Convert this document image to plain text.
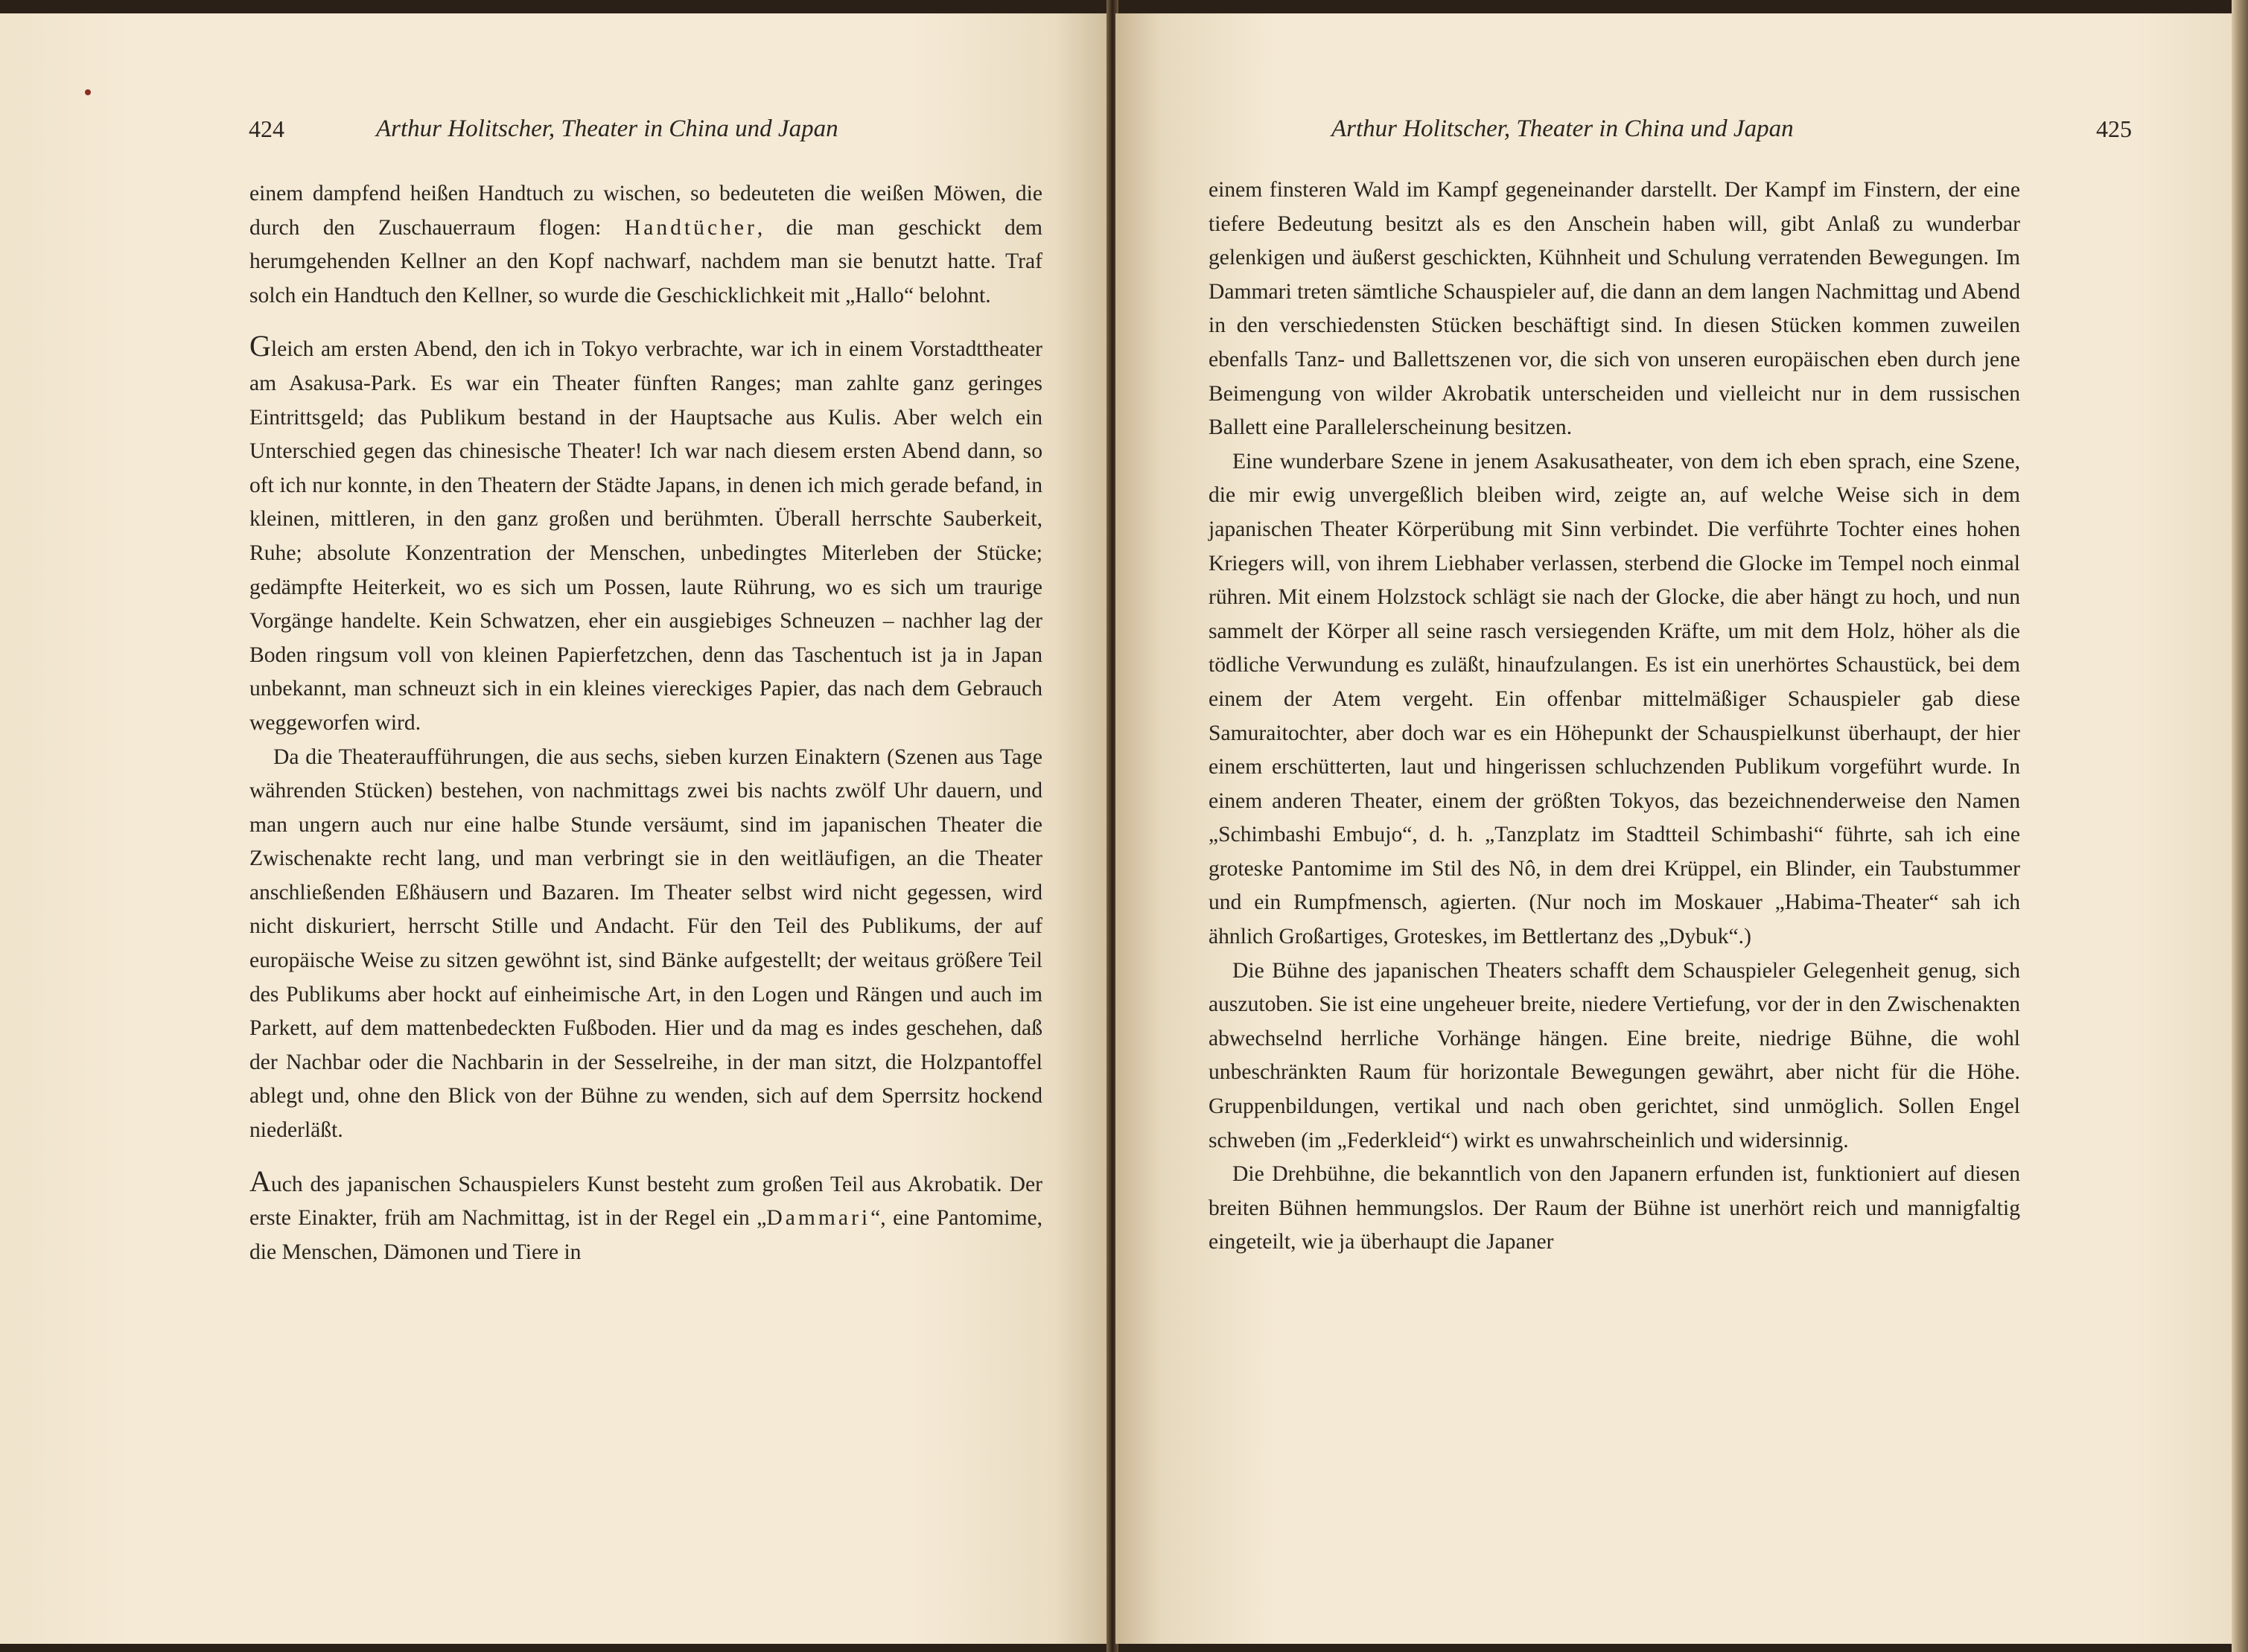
424	Arthur Holitscher, Theater in China und Japan

einem dampfend heißen Handtuch zu wischen, so bedeuteten die weißen Möwen, die durch den Zuschauerraum flogen: Handtücher, die man geschickt dem herumgehenden Kellner an den Kopf nachwarf, nachdem man sie benutzt hatte. Traf solch ein Handtuch den Kellner, so wurde die Geschicklichkeit mit „Hallo“ belohnt.

Gleich am ersten Abend, den ich in Tokyo verbrachte, war ich in einem Vorstadttheater am Asakusa-Park. Es war ein Theater fünften Ranges; man zahlte ganz geringes Eintrittsgeld; das Publikum bestand in der Hauptsache aus Kulis. Aber welch ein Unterschied gegen das chinesische Theater! Ich war nach diesem ersten Abend dann, so oft ich nur konnte, in den Theatern der Städte Japans, in denen ich mich gerade befand, in kleinen, mittleren, in den ganz großen und berühmten. Überall herrschte Sauberkeit, Ruhe; absolute Konzentration der Menschen, unbedingtes Miterleben der Stücke; gedämpfte Heiterkeit, wo es sich um Possen, laute Rührung, wo es sich um traurige Vorgänge handelte. Kein Schwatzen, eher ein ausgiebiges Schneuzen – nachher lag der Boden ringsum voll von kleinen Papierfetzchen, denn das Taschentuch ist ja in Japan unbekannt, man schneuzt sich in ein kleines viereckiges Papier, das nach dem Gebrauch weggeworfen wird.

Da die Theateraufführungen, die aus sechs, sieben kurzen Einaktern (Szenen aus Tage währenden Stücken) bestehen, von nachmittags zwei bis nachts zwölf Uhr dauern, und man ungern auch nur eine halbe Stunde versäumt, sind im japanischen Theater die Zwischenakte recht lang, und man verbringt sie in den weitläufigen, an die Theater anschließenden Eßhäusern und Bazaren. Im Theater selbst wird nicht gegessen, wird nicht diskuriert, herrscht Stille und Andacht. Für den Teil des Publikums, der auf europäische Weise zu sitzen gewöhnt ist, sind Bänke aufgestellt; der weitaus größere Teil des Publikums aber hockt auf einheimische Art, in den Logen und Rängen und auch im Parkett, auf dem mattenbedeckten Fußboden. Hier und da mag es indes geschehen, daß der Nachbar oder die Nachbarin in der Sesselreihe, in der man sitzt, die Holzpantoffel ablegt und, ohne den Blick von der Bühne zu wenden, sich auf dem Sperrsitz hockend niederläßt.

Auch des japanischen Schauspielers Kunst besteht zum großen Teil aus Akrobatik. Der erste Einakter, früh am Nachmittag, ist in der Regel ein „Dammari“, eine Pantomime, die Menschen, Dämonen und Tiere in

Arthur Holitscher, Theater in China und Japan	425

einem finsteren Wald im Kampf gegeneinander darstellt. Der Kampf im Finstern, der eine tiefere Bedeutung besitzt als es den Anschein haben will, gibt Anlaß zu wunderbar gelenkigen und äußerst geschickten, Kühnheit und Schulung verratenden Bewegungen. Im Dammari treten sämtliche Schauspieler auf, die dann an dem langen Nachmittag und Abend in den verschiedensten Stücken beschäftigt sind. In diesen Stücken kommen zuweilen ebenfalls Tanz- und Ballettszenen vor, die sich von unseren europäischen eben durch jene Beimengung von wilder Akrobatik unterscheiden und vielleicht nur in dem russischen Ballett eine Parallelerscheinung besitzen.

Eine wunderbare Szene in jenem Asakusatheater, von dem ich eben sprach, eine Szene, die mir ewig unvergeßlich bleiben wird, zeigte an, auf welche Weise sich in dem japanischen Theater Körperübung mit Sinn verbindet. Die verführte Tochter eines hohen Kriegers will, von ihrem Liebhaber verlassen, sterbend die Glocke im Tempel noch einmal rühren. Mit einem Holzstock schlägt sie nach der Glocke, die aber hängt zu hoch, und nun sammelt der Körper all seine rasch versiegenden Kräfte, um mit dem Holz, höher als die tödliche Verwundung es zuläßt, hinaufzulangen. Es ist ein unerhörtes Schaustück, bei dem einem der Atem vergeht. Ein offenbar mittelmäßiger Schauspieler gab diese Samuraitochter, aber doch war es ein Höhepunkt der Schauspielkunst überhaupt, der hier einem erschütterten, laut und hingerissen schluchzenden Publikum vorgeführt wurde. In einem anderen Theater, einem der größten Tokyos, das bezeichnenderweise den Namen „Schimbashi Embujo“, d. h. „Tanzplatz im Stadtteil Schimbashi“ führte, sah ich eine groteske Pantomime im Stil des Nô, in dem drei Krüppel, ein Blinder, ein Taubstummer und ein Rumpfmensch, agierten. (Nur noch im Moskauer „Habima-Theater“ sah ich ähnlich Großartiges, Groteskes, im Bettlertanz des „Dybuk“.)

Die Bühne des japanischen Theaters schafft dem Schauspieler Gelegenheit genug, sich auszutoben. Sie ist eine ungeheuer breite, niedere Vertiefung, vor der in den Zwischenakten abwechselnd herrliche Vorhänge hängen. Eine breite, niedrige Bühne, die wohl unbeschränkten Raum für horizontale Bewegungen gewährt, aber nicht für die Höhe. Gruppenbildungen, vertikal und nach oben gerichtet, sind unmöglich. Sollen Engel schweben (im „Federkleid“) wirkt es unwahrscheinlich und widersinnig.

Die Drehbühne, die bekanntlich von den Japanern erfunden ist, funktioniert auf diesen breiten Bühnen hemmungslos. Der Raum der Bühne ist unerhört reich und mannigfaltig eingeteilt, wie ja überhaupt die Japaner
